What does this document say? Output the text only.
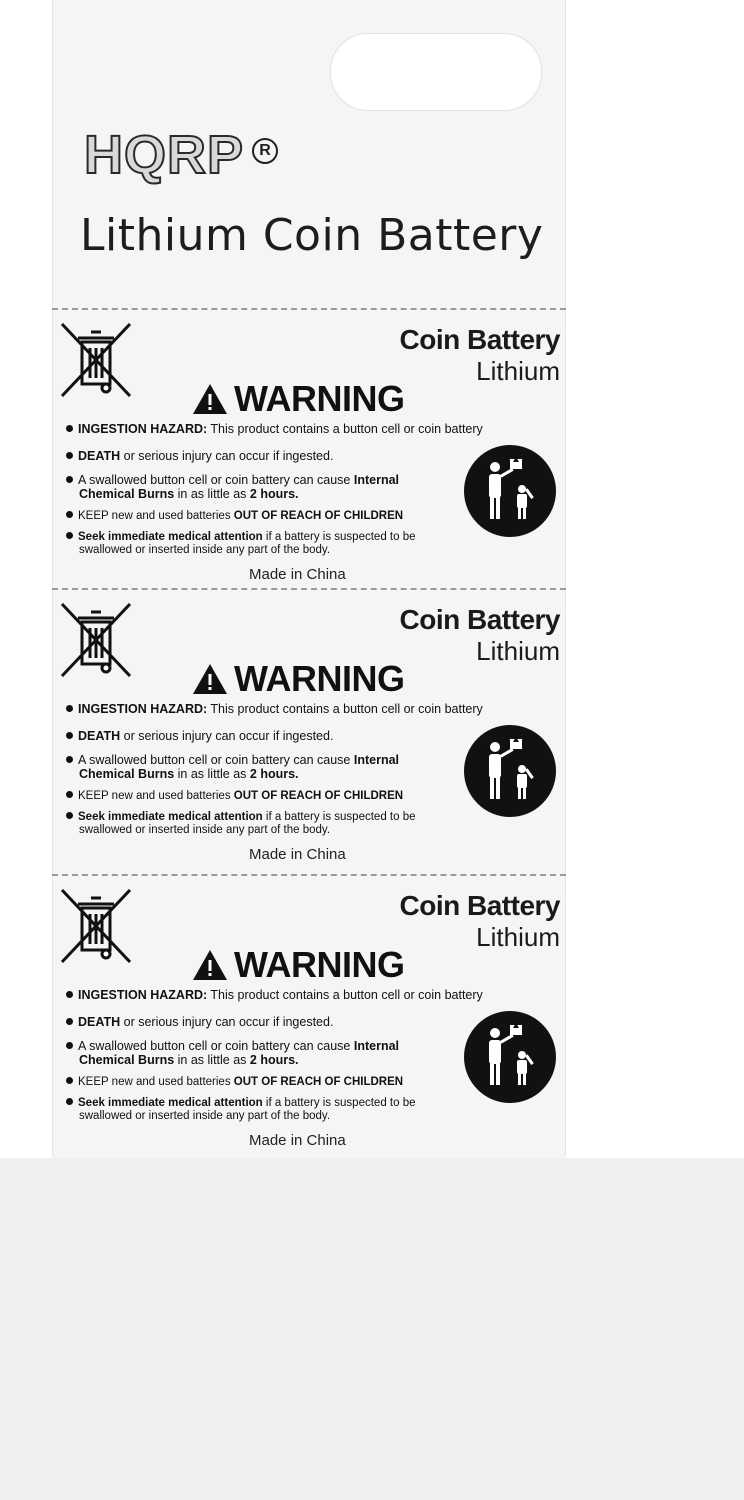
HQRP R
Lithium Coin Battery
Coin Battery
Lithium
WARNING
INGESTION HAZARD: This product contains a button cell or coin battery
DEATH or serious injury can occur if ingested.
A swallowed button cell or coin battery can cause Internal
Chemical Burns in as little as 2 hours.
KEEP new and used batteries OUT OF REACH OF CHILDREN
Seek immediate medical attention if a battery is suspected to be
swallowed or inserted inside any part of the body.
Made in China
Coin Battery
Lithium
WARNING
INGESTION HAZARD: This product contains a button cell or coin battery
DEATH or serious injury can occur if ingested.
A swallowed button cell or coin battery can cause Internal
Chemical Burns in as little as 2 hours.
KEEP new and used batteries OUT OF REACH OF CHILDREN
Seek immediate medical attention if a battery is suspected to be
swallowed or inserted inside any part of the body.
Made in China
Coin Battery
Lithium
WARNING
INGESTION HAZARD: This product contains a button cell or coin battery
DEATH or serious injury can occur if ingested.
A swallowed button cell or coin battery can cause Internal
Chemical Burns in as little as 2 hours.
KEEP new and used batteries OUT OF REACH OF CHILDREN
Seek immediate medical attention if a battery is suspected to be
swallowed or inserted inside any part of the body.
Made in China
